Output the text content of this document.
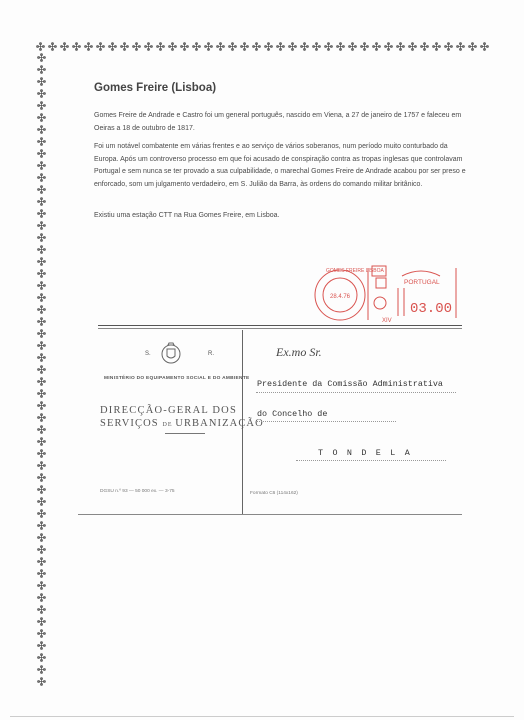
Gomes Freire (Lisboa)
Gomes Freire de Andrade e Castro foi um general português, nascido em Viena, a 27 de janeiro de 1757 e faleceu em Oeiras a 18 de outubro de 1817.
Foi um notável combatente em várias frentes e ao serviço de vários soberanos, num período muito conturbado da Europa. Após um controverso processo em que foi acusado de conspiração contra as tropas inglesas que controlavam Portugal e sem nunca se ter provado a sua culpabilidade, o marechal Gomes Freire de Andrade acabou por ser preso e enforcado, som um julgamento verdadeiro, em S. Julião da Barra, às ordens do comando militar britânico.
Existiu uma estação CTT na Rua Gomes Freire, em Lisboa.
28.4.76
GOMES FREIRE LISBOA
PORTUGAL
03.00
XIV
S.	R.
MINISTÉRIO DO EQUIPAMENTO SOCIAL E DO AMBIENTE
DIRECÇÃO-GERAL DOS
SERVIÇOS DE URBANIZAÇÃO
DGSU n.º 93 — 50 000 ex. — 3-75	Formato C6 (114x162)
Ex.mo Sr.
Presidente da Comissão Administrativa
do Concelho de
T O N D E L A
